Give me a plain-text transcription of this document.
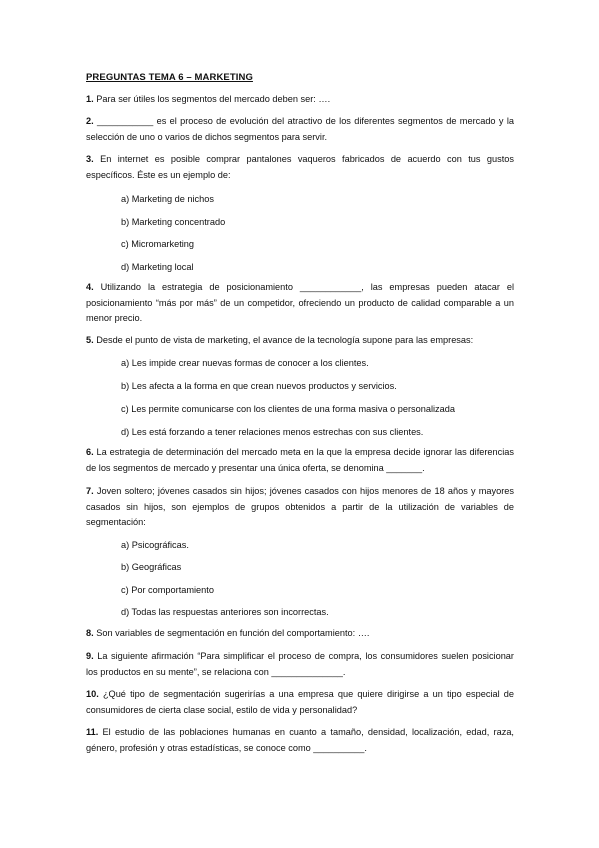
PREGUNTAS TEMA 6 – MARKETING
1. Para ser útiles los segmentos del mercado deben ser: ….
2. ___________ es el proceso de evolución del atractivo de los diferentes segmentos de mercado y la selección de uno o varios de dichos segmentos para servir.
3. En internet es posible comprar pantalones vaqueros fabricados de acuerdo con tus gustos específicos. Éste es un ejemplo de:
a) Marketing de nichos
b) Marketing concentrado
c) Micromarketing
d) Marketing local
4. Utilizando la estrategia de posicionamiento ____________, las empresas pueden atacar el posicionamiento “más por más” de un competidor, ofreciendo un producto de calidad comparable a un menor precio.
5. Desde el punto de vista de marketing, el avance de la tecnología supone para las empresas:
a) Les impide crear nuevas formas de conocer a los clientes.
b) Les afecta a la forma en que crean nuevos productos y servicios.
c) Les permite comunicarse con los clientes de una forma masiva o personalizada
d) Les está forzando a tener relaciones menos estrechas con sus clientes.
6. La estrategia de determinación del mercado meta en la que la empresa decide ignorar las diferencias de los segmentos de mercado y presentar una única oferta, se denomina _______.
7. Joven soltero; jóvenes casados sin hijos; jóvenes casados con hijos menores de 18 años y mayores casados sin hijos, son ejemplos de grupos obtenidos a partir de la utilización de variables de segmentación:
a) Psicográficas.
b) Geográficas
c) Por comportamiento
d) Todas las respuestas anteriores son incorrectas.
8. Son variables de segmentación en función del comportamiento: ….
9. La siguiente afirmación “Para simplificar el proceso de compra, los consumidores suelen posicionar los productos en su mente”, se relaciona con ______________.
10. ¿Qué tipo de segmentación sugerirías a una empresa que quiere dirigirse a un tipo especial de consumidores de cierta clase social, estilo de vida y personalidad?
11. El estudio de las poblaciones humanas en cuanto a tamaño, densidad, localización, edad, raza, género, profesión y otras estadísticas, se conoce como __________.
